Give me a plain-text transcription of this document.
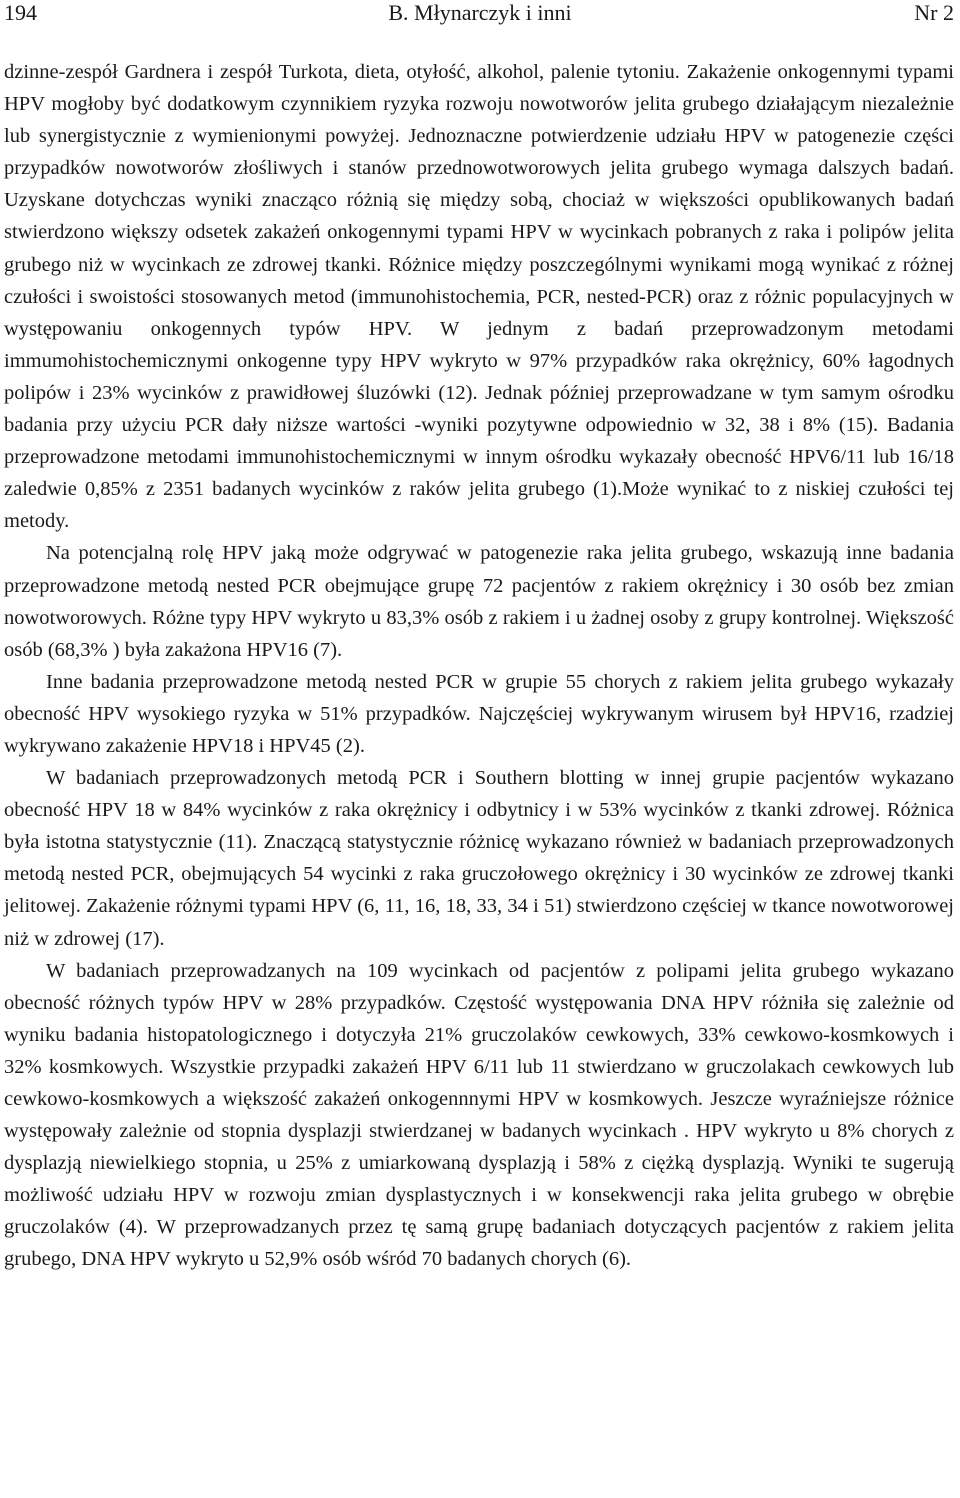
194	B. Młynarczyk i inni	Nr 2

dzinne-zespół Gardnera i zespół Turkota, dieta, otyłość, alkohol, palenie tytoniu. Zakażenie onkogennymi typami HPV mogłoby być dodatkowym czynnikiem ryzyka rozwoju nowotworów jelita grubego działającym niezależnie lub synergistycznie z wymienionymi powyżej. Jednoznaczne potwierdzenie udziału HPV w patogenezie części przypadków nowotworów złośliwych i stanów przednowotworowych jelita grubego wymaga dalszych badań. Uzyskane dotychczas wyniki znacząco różnią się między sobą, chociaż w większości opublikowanych badań stwierdzono większy odsetek zakażeń onkogennymi typami HPV w wycinkach pobranych z raka i polipów jelita grubego niż w wycinkach ze zdrowej tkanki. Różnice między poszczególnymi wynikami mogą wynikać z różnej czułości i swoistości stosowanych metod (immunohistochemia, PCR, nested-PCR) oraz z różnic populacyjnych w występowaniu onkogennych typów HPV. W jednym z badań przeprowadzonym metodami immumohistochemicznymi onkogenne typy HPV wykryto w 97% przypadków raka okrężnicy, 60% łagodnych polipów i 23% wycinków z prawidłowej śluzówki (12). Jednak później przeprowadzane w tym samym ośrodku badania przy użyciu PCR dały niższe wartości -wyniki pozytywne odpowiednio w 32, 38 i 8% (15). Badania przeprowadzone metodami immunohistochemicznymi w innym ośrodku wykazały obecność HPV6/11 lub 16/18 zaledwie 0,85% z 2351 badanych wycinków z raków jelita grubego (1).Może wynikać to z niskiej czułości tej metody.

Na potencjalną rolę HPV jaką może odgrywać w patogenezie raka jelita grubego, wskazują inne badania przeprowadzone metodą nested PCR obejmujące grupę 72 pacjentów z rakiem okrężnicy i 30 osób bez zmian nowotworowych. Różne typy HPV wykryto u 83,3% osób z rakiem i u żadnej osoby z grupy kontrolnej. Większość osób (68,3% ) była zakażona HPV16 (7).

Inne badania przeprowadzone metodą nested PCR w grupie 55 chorych z rakiem jelita grubego wykazały obecność HPV wysokiego ryzyka w 51% przypadków. Najczęściej wykrywanym wirusem był HPV16, rzadziej wykrywano zakażenie HPV18 i HPV45 (2).

W badaniach przeprowadzonych metodą PCR i Southern blotting w innej grupie pacjentów wykazano obecność HPV 18 w 84% wycinków z raka okrężnicy i odbytnicy i w 53% wycinków z tkanki zdrowej. Różnica była istotna statystycznie (11). Znaczącą statystycznie różnicę wykazano również w badaniach przeprowadzonych metodą nested PCR, obejmujących 54 wycinki z raka gruczołowego okrężnicy i 30 wycinków ze zdrowej tkanki jelitowej. Zakażenie różnymi typami HPV (6, 11, 16, 18, 33, 34 i 51) stwierdzono częściej w tkance nowotworowej niż w zdrowej (17).

W badaniach przeprowadzanych na 109 wycinkach od pacjentów z polipami jelita grubego wykazano obecność różnych typów HPV w 28% przypadków. Częstość występowania DNA HPV różniła się zależnie od wyniku badania histopatologicznego i dotyczyła 21% gruczolaków cewkowych, 33% cewkowo-kosmkowych i 32% kosmkowych. Wszystkie przypadki zakażeń HPV 6/11 lub 11 stwierdzano w gruczolakach cewkowych lub cewkowo-kosmkowych a większość zakażeń onkogennnymi HPV w kosmkowych. Jeszcze wyraźniejsze różnice występowały zależnie od stopnia dysplazji stwierdzanej w badanych wycinkach . HPV wykryto u 8% chorych z dysplazją niewielkiego stopnia, u 25% z umiarkowaną dysplazją i 58% z ciężką dysplazją. Wyniki te sugerują możliwość udziału HPV w rozwoju zmian dysplastycznych i w konsekwencji raka jelita grubego w obrębie gruczolaków (4). W przeprowadzanych przez tę samą grupę badaniach dotyczących pacjentów z rakiem jelita grubego, DNA HPV wykryto u 52,9% osób wśród 70 badanych chorych (6).
